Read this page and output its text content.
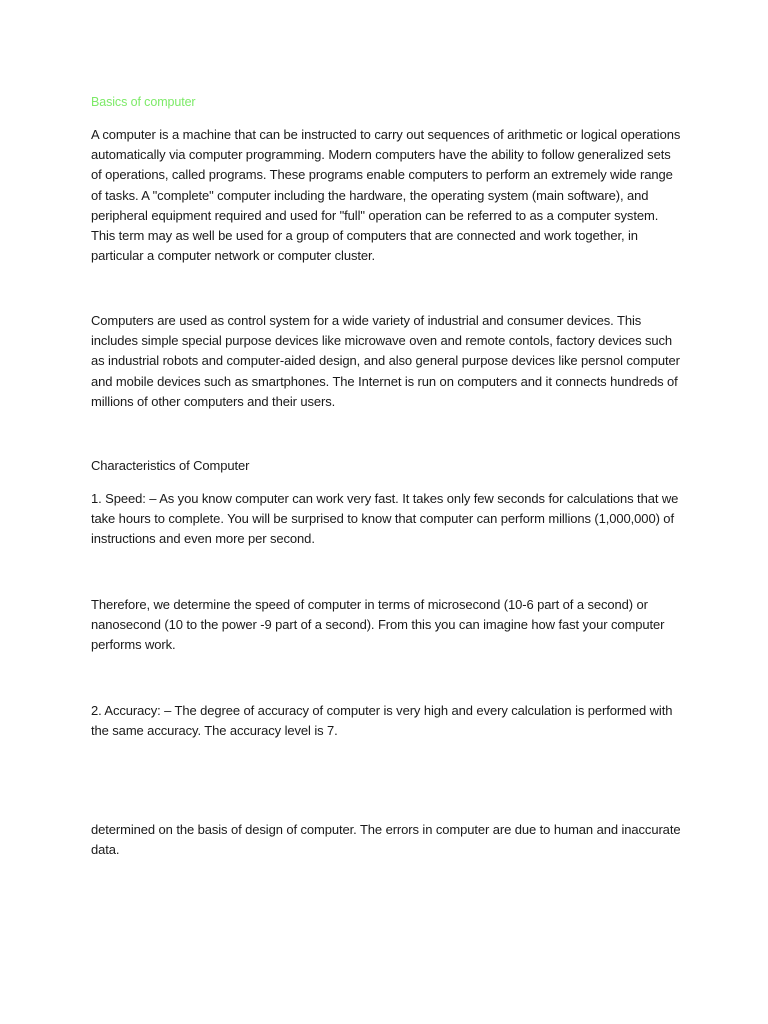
Basics of computer

A computer is a machine that can be instructed to carry out sequences of arithmetic or logical operations automatically via computer programming. Modern computers have the ability to follow generalized sets of operations, called programs. These programs enable computers to perform an extremely wide range of tasks. A "complete" computer including the hardware, the operating system (main software), and peripheral equipment required and used for "full" operation can be referred to as a computer system. This term may as well be used for a group of computers that are connected and work together, in particular a computer network or computer cluster.

Computers are used as control system for a wide variety of industrial and consumer devices. This includes simple special purpose devices like microwave oven and remote contols, factory devices such as industrial robots and computer-aided design, and also general purpose devices like persnol computer and mobile devices such as smartphones. The Internet is run on computers and it connects hundreds of millions of other computers and their users.

Characteristics of Computer

1. Speed: – As you know computer can work very fast. It takes only few seconds for calculations that we take hours to complete. You will be surprised to know that computer can perform millions (1,000,000) of instructions and even more per second.

Therefore, we determine the speed of computer in terms of microsecond (10-6 part of a second) or nanosecond (10 to the power -9 part of a second). From this you can imagine how fast your computer performs work.

2. Accuracy: – The degree of accuracy of computer is very high and every calculation is performed with the same accuracy. The accuracy level is 7.

determined on the basis of design of computer. The errors in computer are due to human and inaccurate data.
